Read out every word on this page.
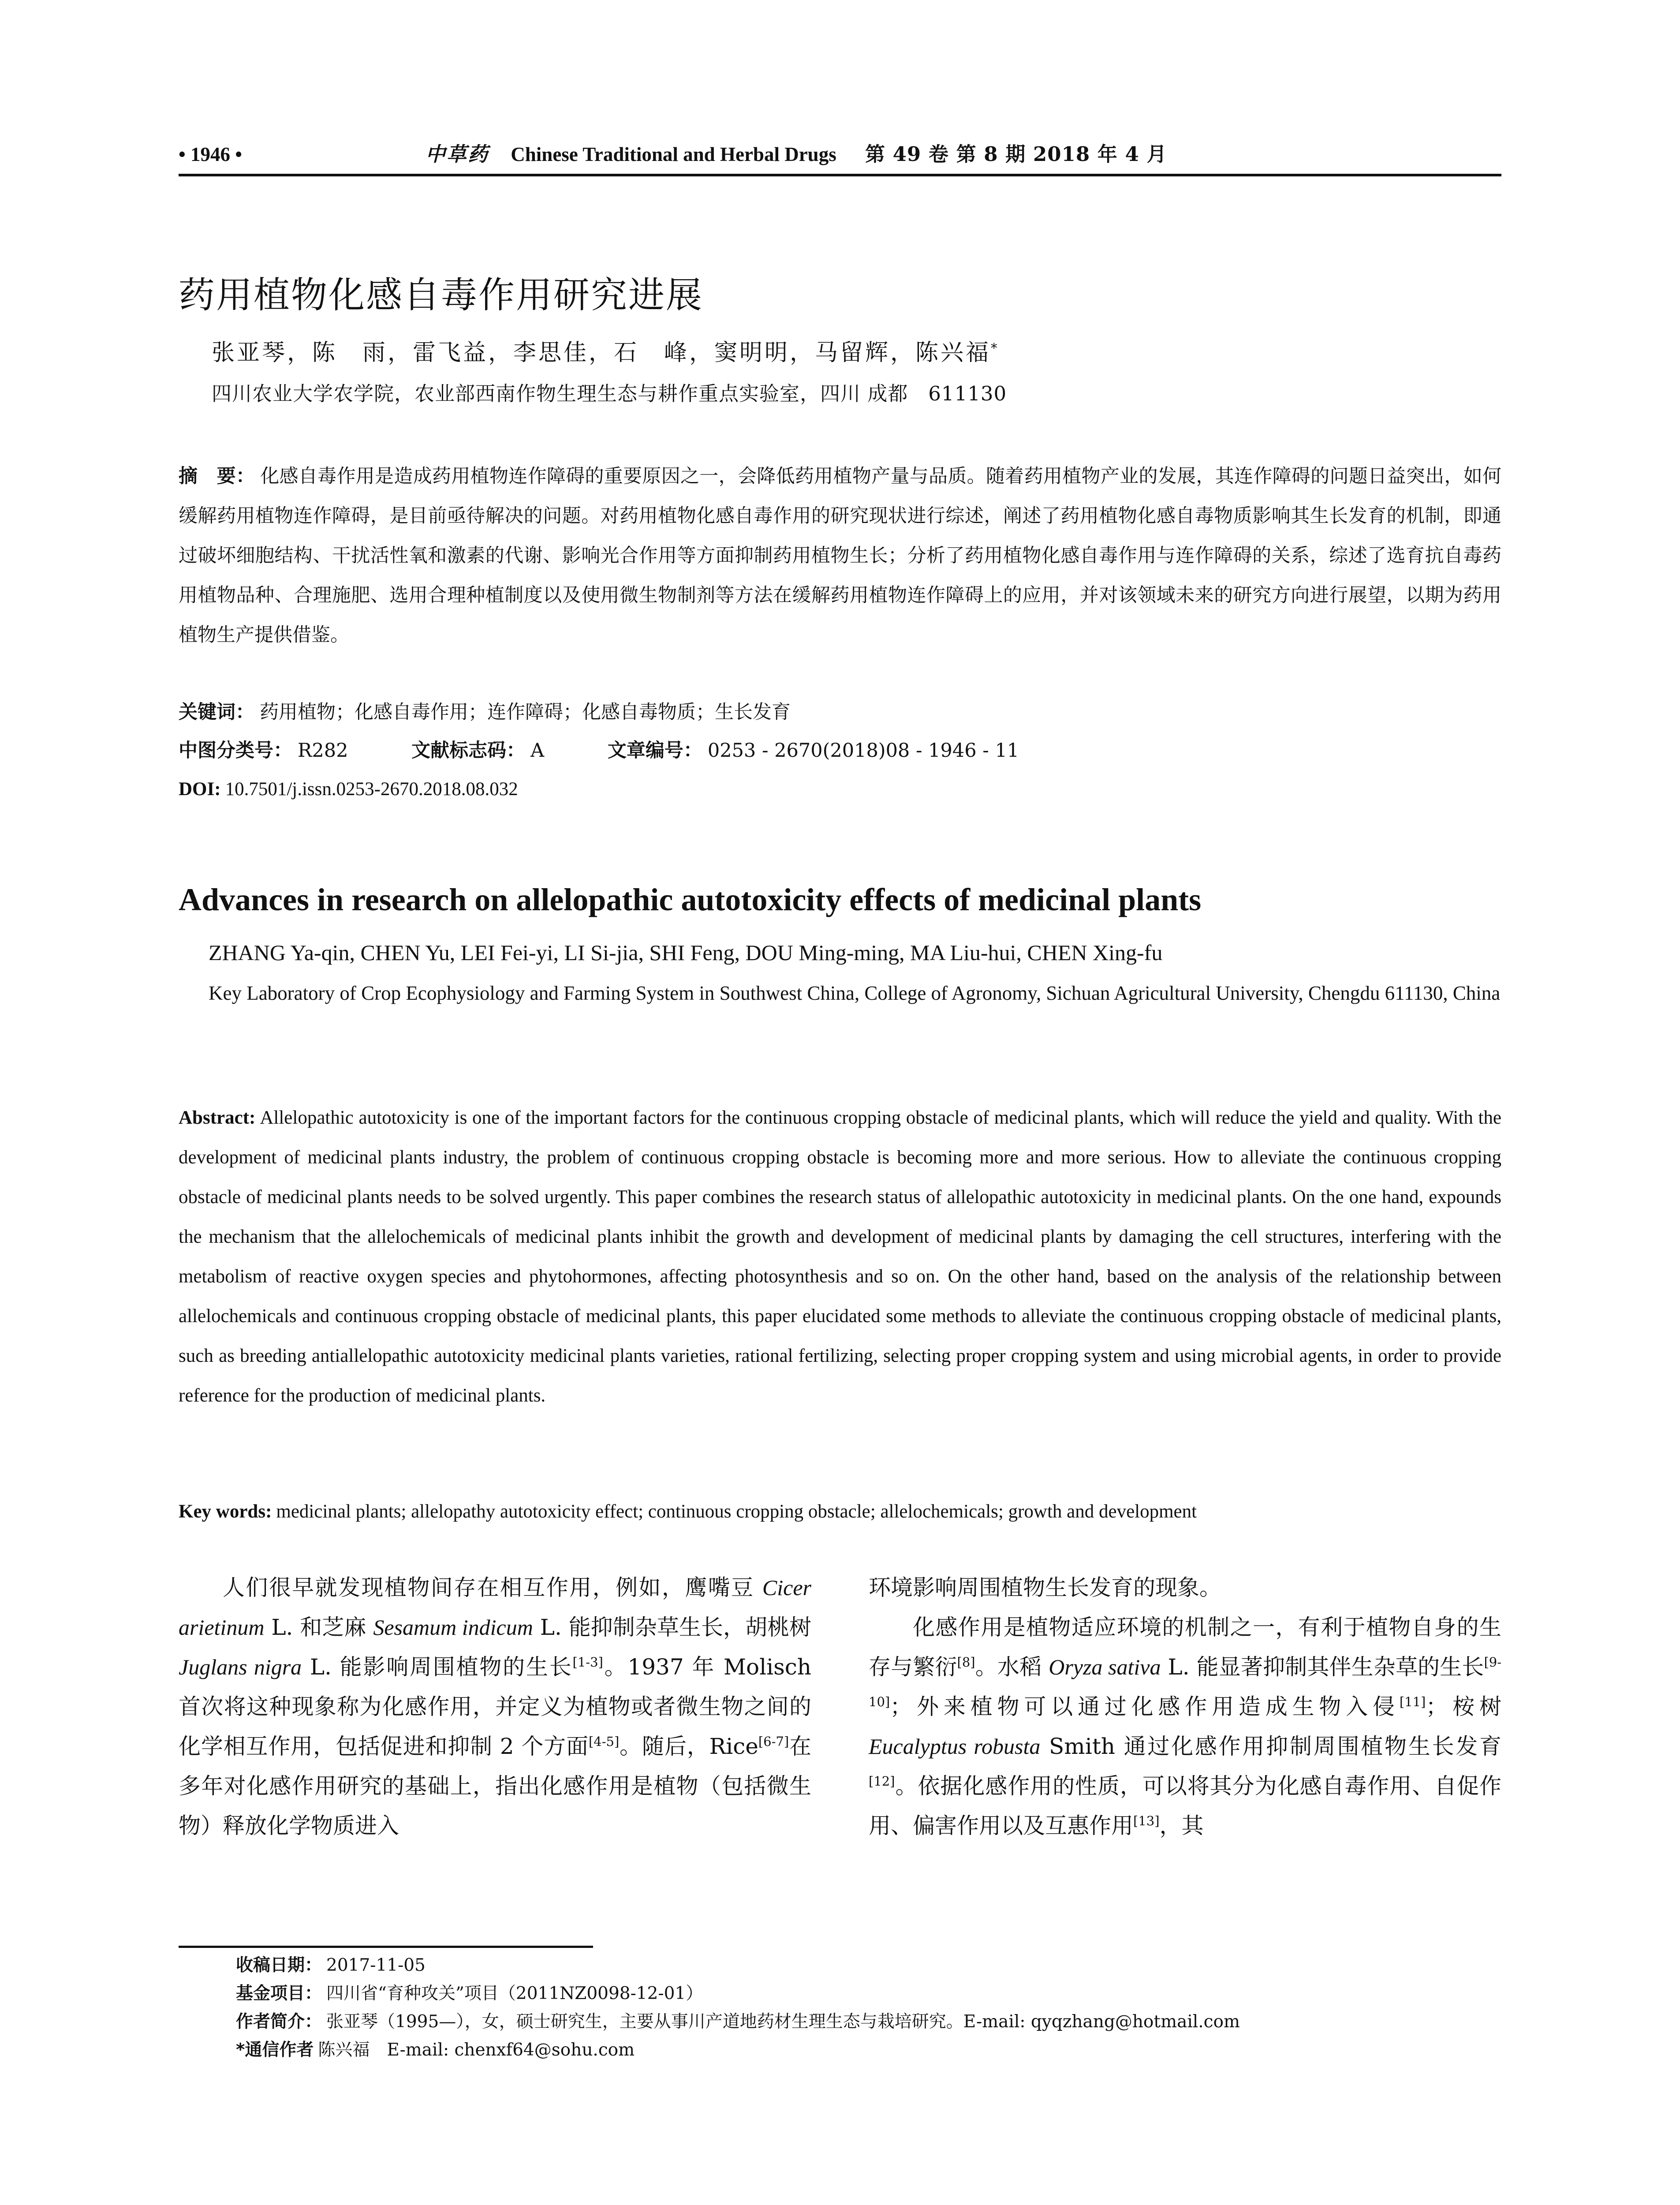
• 1946 •	中草药 Chinese Traditional and Herbal Drugs 第 49 卷 第 8 期 2018 年 4 月
药用植物化感自毒作用研究进展
张亚琴，陈　雨，雷飞益，李思佳，石　峰，窦明明，马留辉，陈兴福*
四川农业大学农学院，农业部西南作物生理生态与耕作重点实验室，四川 成都　611130
摘　要： 化感自毒作用是造成药用植物连作障碍的重要原因之一，会降低药用植物产量与品质。随着药用植物产业的发展，其连作障碍的问题日益突出，如何缓解药用植物连作障碍，是目前亟待解决的问题。对药用植物化感自毒作用的研究现状进行综述，阐述了药用植物化感自毒物质影响其生长发育的机制，即通过破坏细胞结构、干扰活性氧和激素的代谢、影响光合作用等方面抑制药用植物生长；分析了药用植物化感自毒作用与连作障碍的关系，综述了选育抗自毒药用植物品种、合理施肥、选用合理种植制度以及使用微生物制剂等方法在缓解药用植物连作障碍上的应用，并对该领域未来的研究方向进行展望，以期为药用植物生产提供借鉴。
关键词： 药用植物；化感自毒作用；连作障碍；化感自毒物质；生长发育
中图分类号： R282	文献标志码： A	文章编号： 0253 - 2670(2018)08 - 1946 - 11
DOI: 10.7501/j.issn.0253-2670.2018.08.032
Advances in research on allelopathic autotoxicity effects of medicinal plants
ZHANG Ya-qin, CHEN Yu, LEI Fei-yi, LI Si-jia, SHI Feng, DOU Ming-ming, MA Liu-hui, CHEN Xing-fu
Key Laboratory of Crop Ecophysiology and Farming System in Southwest China, College of Agronomy, Sichuan Agricultural University, Chengdu 611130, China
Abstract: Allelopathic autotoxicity is one of the important factors for the continuous cropping obstacle of medicinal plants, which will reduce the yield and quality. With the development of medicinal plants industry, the problem of continuous cropping obstacle is becoming more and more serious. How to alleviate the continuous cropping obstacle of medicinal plants needs to be solved urgently. This paper combines the research status of allelopathic autotoxicity in medicinal plants. On the one hand, expounds the mechanism that the allelochemicals of medicinal plants inhibit the growth and development of medicinal plants by damaging the cell structures, interfering with the metabolism of reactive oxygen species and phytohormones, affecting photosynthesis and so on. On the other hand, based on the analysis of the relationship between allelochemicals and continuous cropping obstacle of medicinal plants, this paper elucidated some methods to alleviate the continuous cropping obstacle of medicinal plants, such as breeding antiallelopathic autotoxicity medicinal plants varieties, rational fertilizing, selecting proper cropping system and using microbial agents, in order to provide reference for the production of medicinal plants.
Key words: medicinal plants; allelopathy autotoxicity effect; continuous cropping obstacle; allelochemicals; growth and development

人们很早就发现植物间存在相互作用，例如，鹰嘴豆 Cicer arietinum L. 和芝麻 Sesamum indicum L. 能抑制杂草生长，胡桃树 Juglans nigra L. 能影响周围植物的生长[1-3]。1937 年 Molisch 首次将这种现象称为化感作用，并定义为植物或者微生物之间的化学相互作用，包括促进和抑制 2 个方面[4-5]。随后，Rice[6-7]在多年对化感作用研究的基础上，指出化感作用是植物（包括微生物）释放化学物质进入

环境影响周围植物生长发育的现象。

化感作用是植物适应环境的机制之一，有利于植物自身的生存与繁衍[8]。水稻 Oryza sativa L. 能显著抑制其伴生杂草的生长[9-10]；外来植物可以通过化感作用造成生物入侵[11]；桉树 Eucalyptus robusta Smith 通过化感作用抑制周围植物生长发育[12]。依据化感作用的性质，可以将其分为化感自毒作用、自促作用、偏害作用以及互惠作用[13]，其

收稿日期： 2017-11-05
基金项目： 四川省“育种攻关”项目（2011NZ0098-12-01）
作者简介： 张亚琴（1995—），女，硕士研究生，主要从事川产道地药材生理生态与栽培研究。E-mail: qyqzhang@hotmail.com
*通信作者 陈兴福　E-mail: chenxf64@sohu.com
